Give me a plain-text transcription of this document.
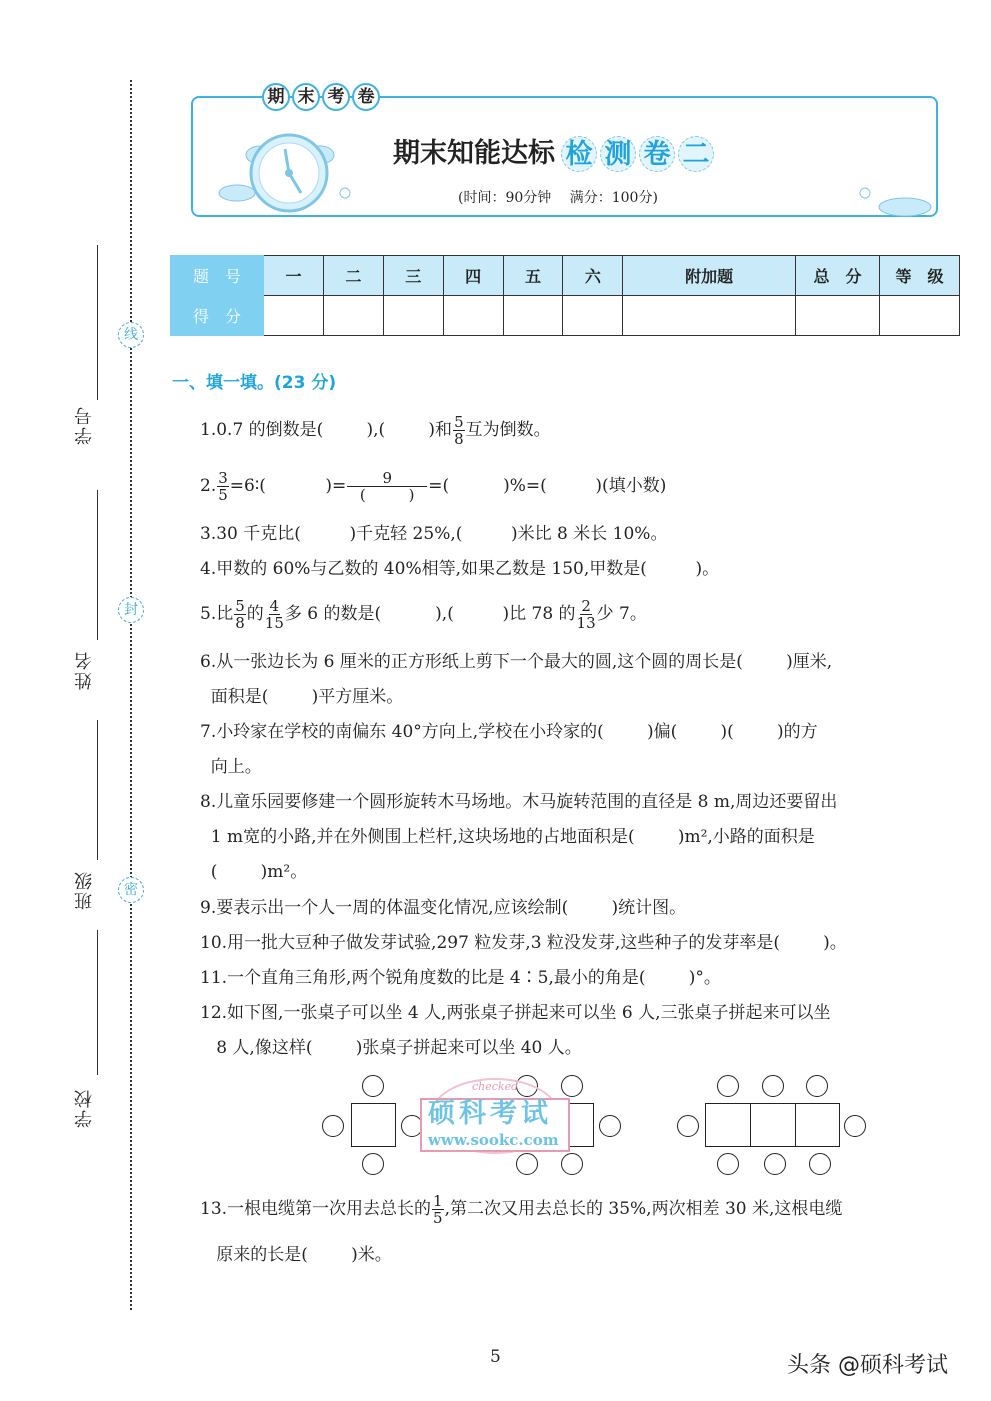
线
封
密
学号
姓名
班级
学校
期 末 考 卷
期末知能达标 检 测 卷 二
(时间：90分钟　 满分：100分)
题　号	一	二	三	四	五	六	附加题	总　分	等　级
得　分									
一、填一填。(23 分)
1.0.7 的倒数是(        ),(        )和 $\frac{5}{8}$ 互为倒数。
2. $\frac{3}{5}$ =6∶(           )= $\frac{9}{( )}$ =(          )%=(         )(填小数)
3.30 千克比(         )千克轻 25%,(         )米比 8 米长 10%。
4.甲数的 60%与乙数的 40%相等,如果乙数是 150,甲数是(         )。
5.比 $\frac{5}{8}$ 的 $\frac{4}{15}$ 多 6 的数是(          ),(         )比 78 的 $\frac{2}{13}$ 少 7。
6.从一张边长为 6 厘米的正方形纸上剪下一个最大的圆,这个圆的周长是(        )厘米,
面积是(        )平方厘米。
7.小玲家在学校的南偏东 40°方向上,学校在小玲家的(        )偏(        )(        )的方
向上。
8.儿童乐园要修建一个圆形旋转木马场地。木马旋转范围的直径是 8 m,周边还要留出
1 m宽的小路,并在外侧围上栏杆,这块场地的占地面积是(        )m²,小路的面积是
(        )m²。
9.要表示出一个人一周的体温变化情况,应该绘制(        )统计图。
10.用一批大豆种子做发芽试验,297 粒发芽,3 粒没发芽,这些种子的发芽率是(        )。
11.一个直角三角形,两个锐角度数的比是 4∶5,最小的角是(        )°。
12.如下图,一张桌子可以坐 4 人,两张桌子拼起来可以坐 6 人,三张桌子拼起来可以坐
8 人,像这样(        )张桌子拼起来可以坐 40 人。
13.一根电缆第一次用去总长的 $\frac{1}{5}$ ,第二次又用去总长的 35%,两次相差 30 米,这根电缆
原来的长是(        )米。
checked
硕科考试
www.sookc.com
5	头条 @硕科考试
